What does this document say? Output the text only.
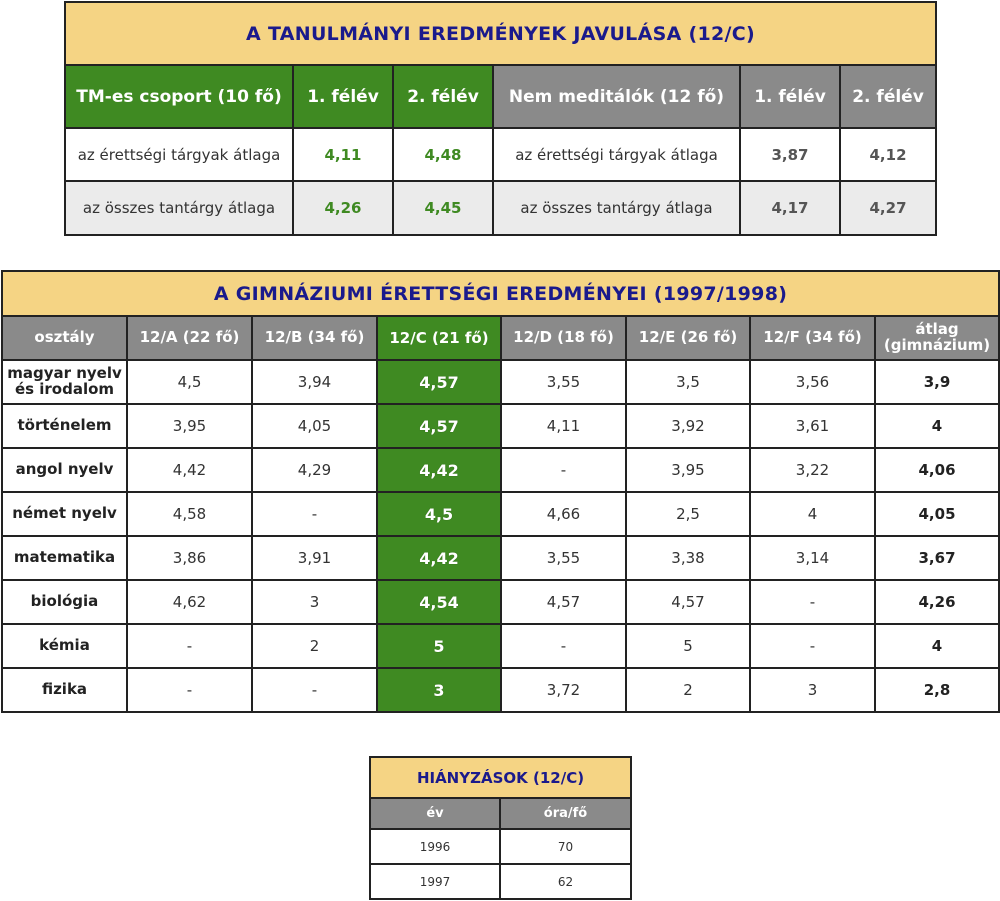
A TANULMÁNYI EREDMÉNYEK JAVULÁSA (12/C)					
TM-es csoport (10 fő)	1. félév	2. félév	Nem meditálók (12 fő)	1. félév	2. félév
az érettségi tárgyak átlaga	4,11	4,48	az érettségi tárgyak átlaga	3,87	4,12
az összes tantárgy átlaga	4,26	4,45	az összes tantárgy átlaga	4,17	4,27
A GIMNÁZIUMI ÉRETTSÉGI EREDMÉNYEI (1997/1998)							
osztály	12/A (22 fő)	12/B (34 fő)	12/C (21 fő)	12/D (18 fő)	12/E (26 fő)	12/F (34 fő)	átlag (gimnázium)
magyar nyelv és irodalom	4,5	3,94	4,57	3,55	3,5	3,56	3,9
történelem	3,95	4,05	4,57	4,11	3,92	3,61	4
angol nyelv	4,42	4,29	4,42	-	3,95	3,22	4,06
német nyelv	4,58	-	4,5	4,66	2,5	4	4,05
matematika	3,86	3,91	4,42	3,55	3,38	3,14	3,67
biológia	4,62	3	4,54	4,57	4,57	-	4,26
kémia	-	2	5	-	5	-	4
fizika	-	-	3	3,72	2	3	2,8
HIÁNYZÁSOK (12/C)	
év	óra/fő
1996	70
1997	62
